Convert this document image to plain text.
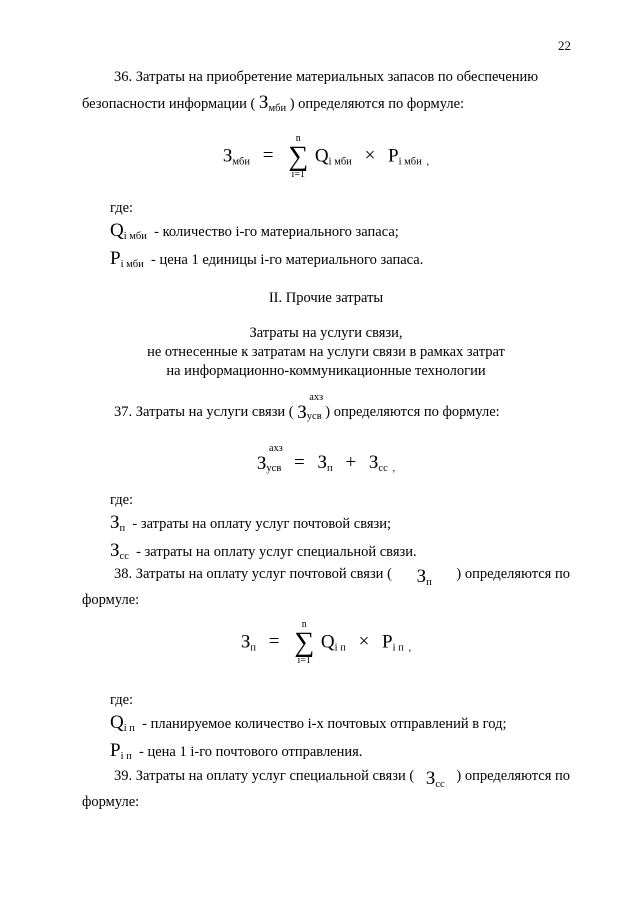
22
36. Затраты на приобретение материальных запасов по обеспечению
безопасности информации ( $З_{мби}$ ) определяются по формуле:
$З_{мби}$ =
n
∑
i=1
$Q_{i мби} \times P_{i мби}$ $_,$
где:
$Q_{i мби}$ - количество i-го материального запаса;
$P_{i мби}$ - цена 1 единицы i-го материального запаса.
II. Прочие затраты
Затраты на услуги связи,
не отнесенные к затратам на услуги связи в рамках затрат
на информационно-коммуникационные технологии
37. Затраты на услуги связи (
ахз
$З_{усв}$ ) определяются по формуле:
ахз
$З_{усв} = З_п + З_{сс}$ $_,$
где:
$З_п$ - затраты на оплату услуг почтовой связи;
$З_{сс}$ - затраты на оплату услуг специальной связи.
38. Затраты на оплату услуг почтовой связи ( $З_п$
) определяются по
формуле:
$З_п$ =
n
∑
i=1
$Q_{i п} \times P_{i п}$ $_,$
где:
$Q_{i п}$ - планируемое количество i-х почтовых отправлений в год;
$P_{i п}$ - цена 1 i-го почтового отправления.
39. Затраты на оплату услуг специальной связи ( $З_{сс}$
) определяются по
формуле:
